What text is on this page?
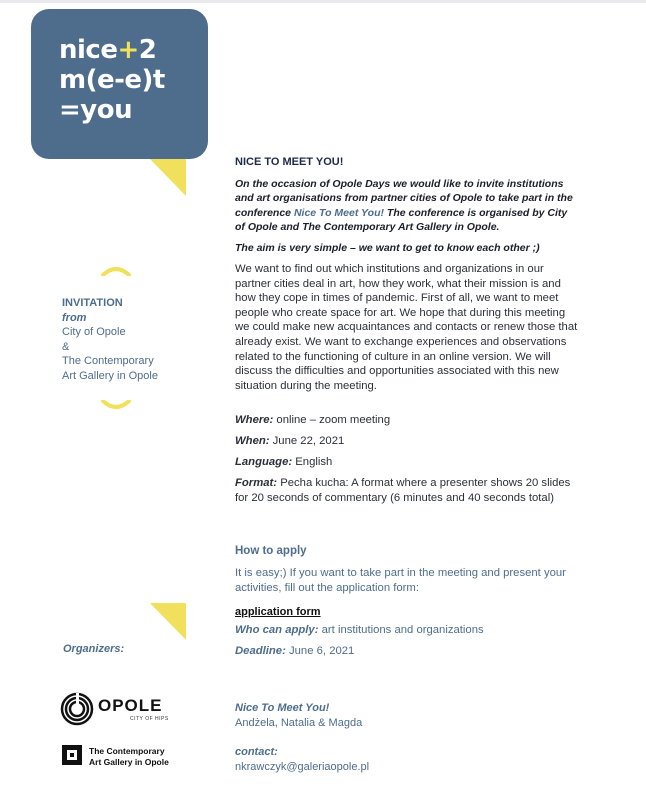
nice+2
m(e-e)t
=you
INVITATION
from
City of Opole
&
The Contemporary
Art Gallery in Opole
Organizers:
OPOLE
CITY OF HIPS
The Contemporary
Art Gallery in Opole
NICE TO MEET YOU!
On the occasion of Opole Days we would like to invite institutions and art organisations from partner cities of Opole to take part in the conference Nice To Meet You! The conference is organised by City of Opole and The Contemporary Art Gallery in Opole.
The aim is very simple – we want to get to know each other ;)
We want to find out which institutions and organizations in our partner cities deal in art, how they work, what their mission is and how they cope in times of pandemic. First of all, we want to meet people who create space for art. We hope that during this meeting we could make new acquaintances and contacts or renew those that already exist. We want to exchange experiences and observations related to the functioning of culture in an online version. We will discuss the difficulties and opportunities associated with this new situation during the meeting.
Where: online – zoom meeting
When: June 22, 2021
Language: English
Format: Pecha kucha: A format where a presenter shows 20 slides for 20 seconds of commentary (6 minutes and 40 seconds total)
How to apply
It is easy;) If you want to take part in the meeting and present your activities, fill out the application form:
application form
Who can apply: art institutions and organizations
Deadline: June 6, 2021
Nice To Meet You!
Andżela, Natalia & Magda
contact:
nkrawczyk@galeriaopole.pl
